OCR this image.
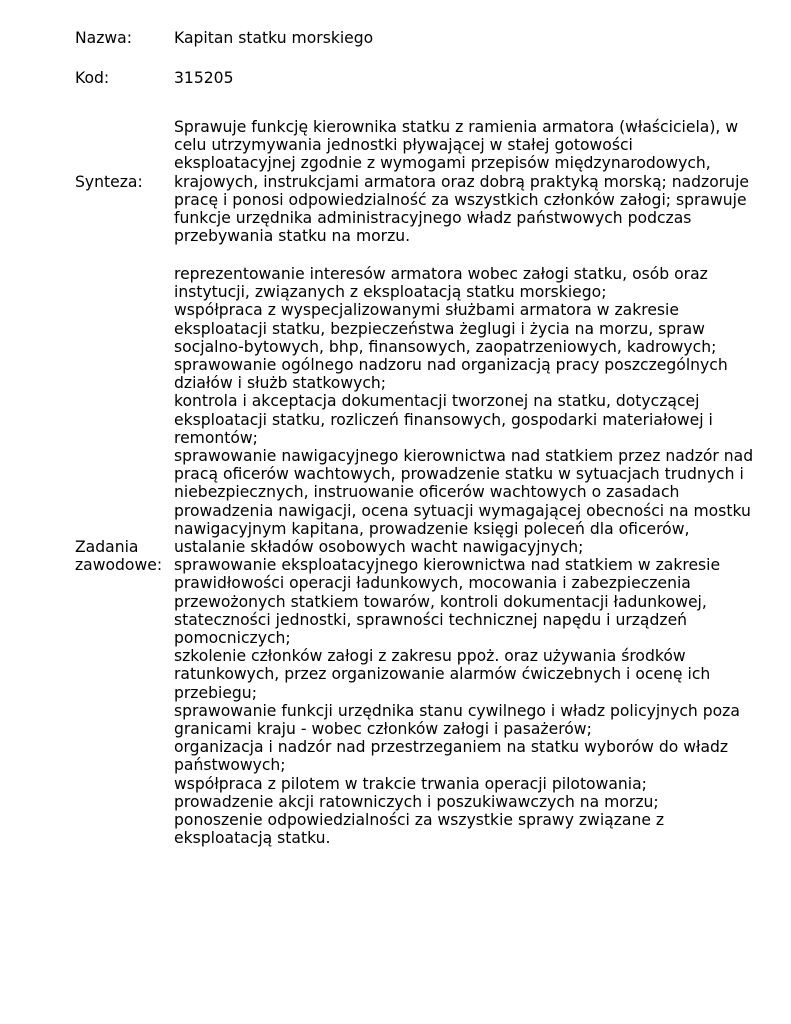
Nazwa:	Kapitan statku morskiego
Kod:	315205
Synteza:
Sprawuje funkcję kierownika statku z ramienia armatora (właściciela), w celu utrzymywania jednostki pływającej w stałej gotowości eksploatacyjnej zgodnie z wymogami przepisów międzynarodowych, krajowych, instrukcjami armatora oraz dobrą praktyką morską; nadzoruje pracę i ponosi odpowiedzialność za wszystkich członków załogi; sprawuje funkcje urzędnika administracyjnego władz państwowych podczas przebywania statku na morzu.
Zadania
zawodowe:

reprezentowanie interesów armatora wobec załogi statku, osób oraz instytucji, związanych z eksploatacją statku morskiego;

współpraca z wyspecjalizowanymi służbami armatora w zakresie eksploatacji statku, bezpieczeństwa żeglugi i życia na morzu, spraw socjalno-bytowych, bhp, finansowych, zaopatrzeniowych, kadrowych;

sprawowanie ogólnego nadzoru nad organizacją pracy poszczególnych działów i służb statkowych;

kontrola i akceptacja dokumentacji tworzonej na statku, dotyczącej eksploatacji statku, rozliczeń finansowych, gospodarki materiałowej i remontów;

sprawowanie nawigacyjnego kierownictwa nad statkiem przez nadzór nad pracą oficerów wachtowych, prowadzenie statku w sytuacjach trudnych i niebezpiecznych, instruowanie oficerów wachtowych o zasadach prowadzenia nawigacji, ocena sytuacji wymagającej obecności na mostku nawigacyjnym kapitana, prowadzenie księgi poleceń dla oficerów, ustalanie składów osobowych wacht nawigacyjnych;

sprawowanie eksploatacyjnego kierownictwa nad statkiem w zakresie prawidłowości operacji ładunkowych, mocowania i zabezpieczenia przewożonych statkiem towarów, kontroli dokumentacji ładunkowej, stateczności jednostki, sprawności technicznej napędu i urządzeń pomocniczych;

szkolenie członków załogi z zakresu ppoż. oraz używania środków ratunkowych, przez organizowanie alarmów ćwiczebnych i ocenę ich przebiegu;

sprawowanie funkcji urzędnika stanu cywilnego i władz policyjnych poza granicami kraju - wobec członków załogi i pasażerów;

organizacja i nadzór nad przestrzeganiem na statku wyborów do władz państwowych;

współpraca z pilotem w trakcie trwania operacji pilotowania;

prowadzenie akcji ratowniczych i poszukiwawczych na morzu;

ponoszenie odpowiedzialności za wszystkie sprawy związane z eksploatacją statku.
